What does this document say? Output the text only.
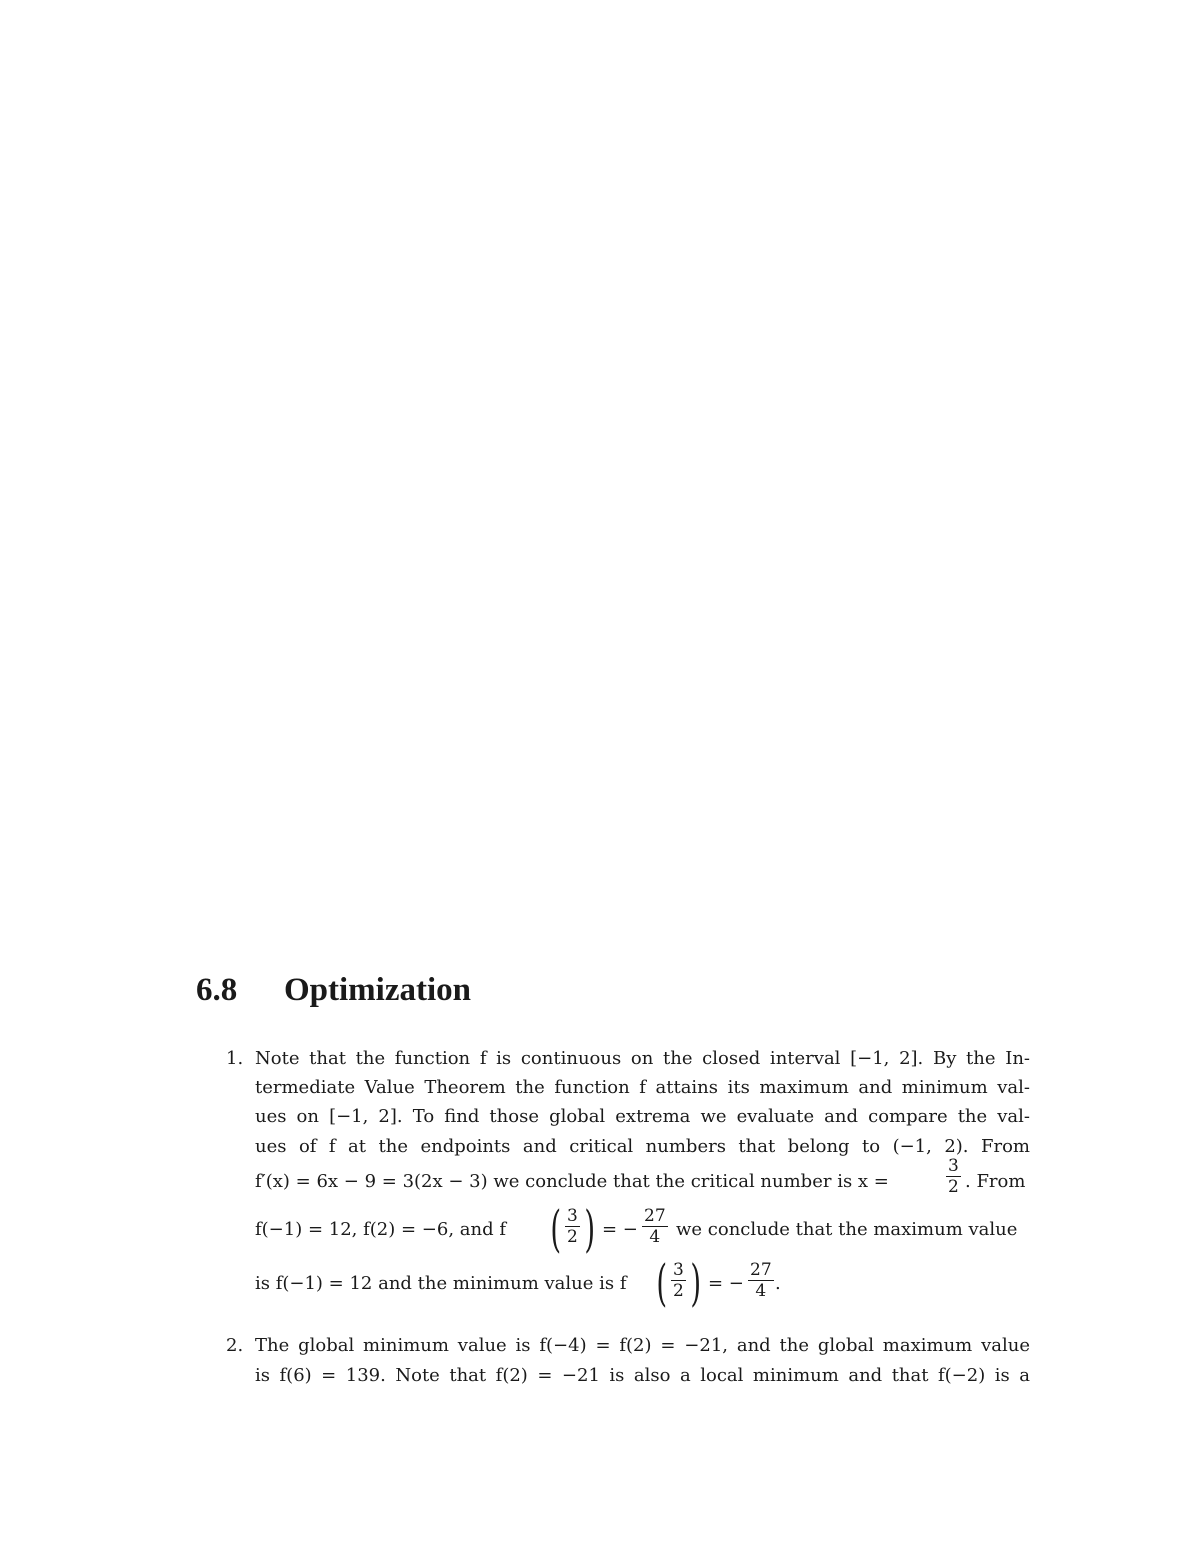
6.8 Optimization
1. Note that the function f is continuous on the closed interval [−1, 2]. By the In-
termediate Value Theorem the function f attains its maximum and minimum val-
ues on [−1, 2]. To find those global extrema we evaluate and compare the val-
ues of f at the endpoints and critical numbers that belong to (−1, 2). From
f′(x) = 6x − 9 = 3(2x − 3) we conclude that the critical number is x =
3
2 . From
f(−1) = 12, f(2) = −6, and f ( 3
2 ) = −
27
4 we conclude that the maximum value
is f(−1) = 12 and the minimum value is f ( 3
2 ) = −
27
4 .
2. The global minimum value is f(−4) = f(2) = −21, and the global maximum value
is f(6) = 139. Note that f(2) = −21 is also a local minimum and that f(−2) is a
